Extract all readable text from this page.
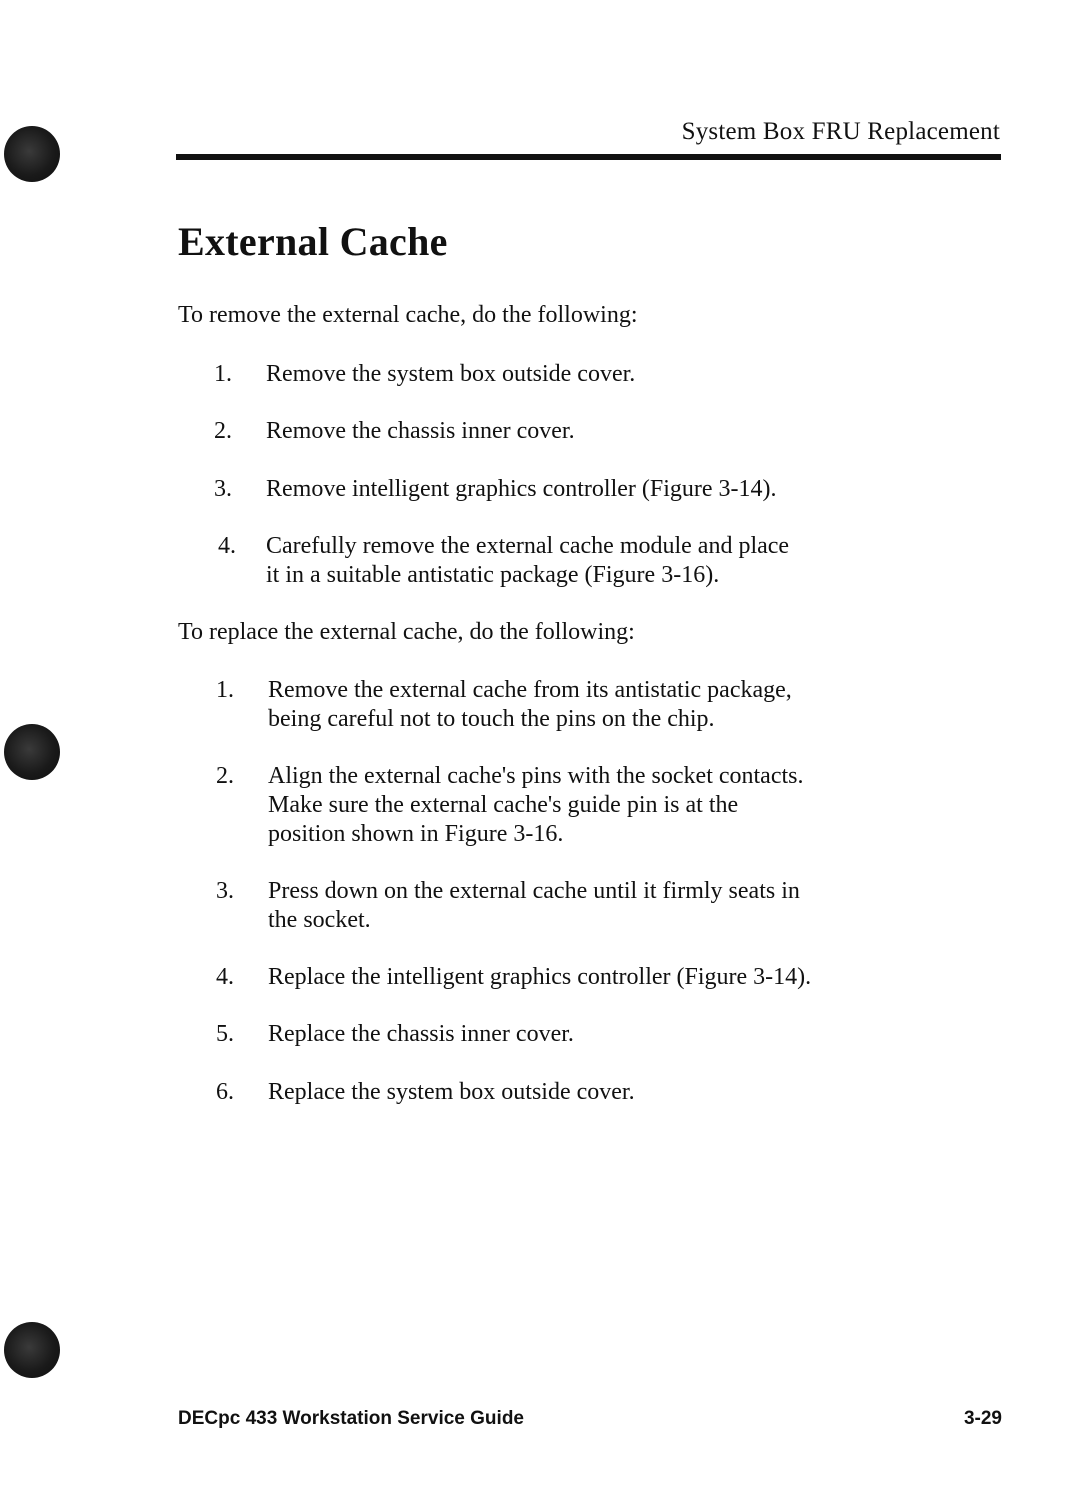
System Box FRU Replacement
External Cache

To remove the external cache, do the following:

1. Remove the system box outside cover.
2. Remove the chassis inner cover.
3. Remove intelligent graphics controller (Figure 3-14).
4. Carefully remove the external cache module and place
it in a suitable antistatic package (Figure 3-16).

To replace the external cache, do the following:

1. Remove the external cache from its antistatic package,
being careful not to touch the pins on the chip.
2. Align the external cache's pins with the socket contacts.
Make sure the external cache's guide pin is at the
position shown in Figure 3-16.
3. Press down on the external cache until it firmly seats in
the socket.
4. Replace the intelligent graphics controller (Figure 3-14).
5. Replace the chassis inner cover.
6. Replace the system box outside cover.
DECpc 433 Workstation Service Guide	3-29
